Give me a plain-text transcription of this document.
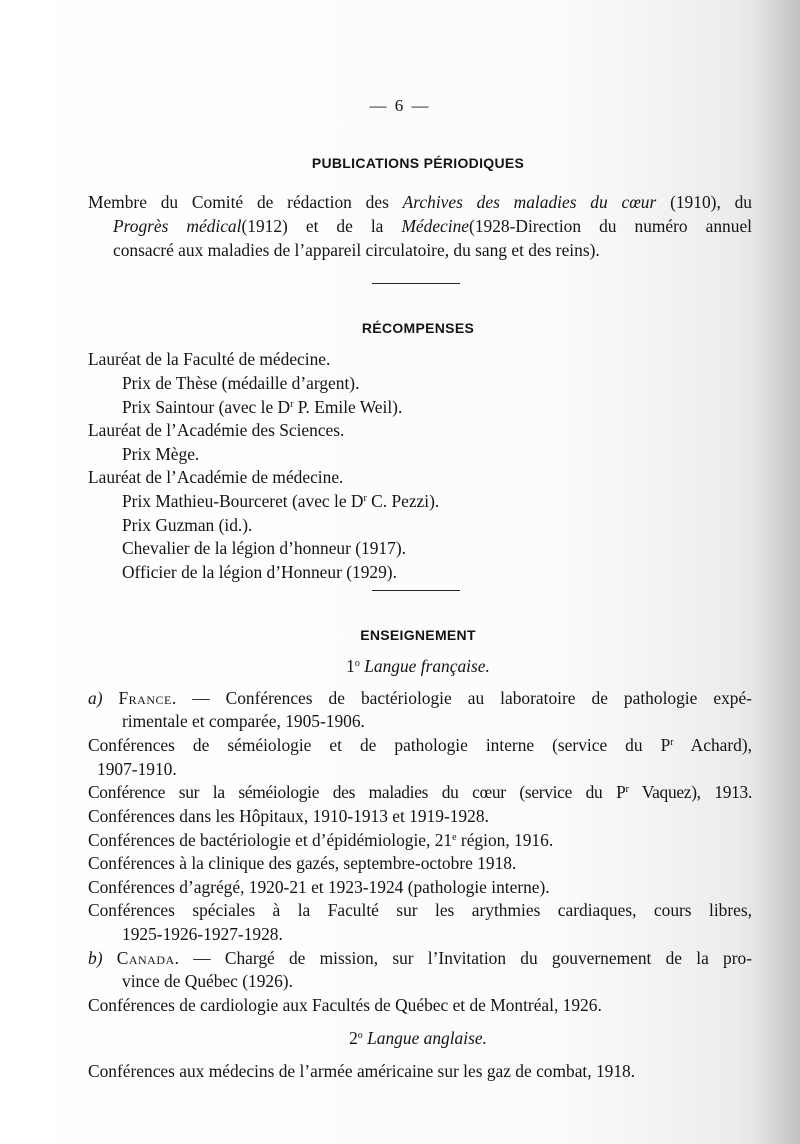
— 6 —
PUBLICATIONS PÉRIODIQUES
Membre du Comité de rédaction des Archives des maladies du cœur (1910), du
Progrès médical(1912) et de la Médecine(1928-Direction du numéro annuel
consacré aux maladies de l’appareil circulatoire, du sang et des reins).
RÉCOMPENSES
Lauréat de la Faculté de médecine.
Prix de Thèse (médaille d’argent).
Prix Saintour (avec le $D^r$ P. Emile Weil).
Lauréat de l’Académie des Sciences.
Prix Mège.
Lauréat de l’Académie de médecine.
Prix Mathieu-Bourceret (avec le $D^r$ C. Pezzi).
Prix Guzman (id.).
Chevalier de la légion d’honneur (1917).
Officier de la légion d’Honneur (1929).
ENSEIGNEMENT
1$^o$ Langue française.
a) France. — Conférences de bactériologie au laboratoire de pathologie expé-
rimentale et comparée, 1905-1906.
Conférences de séméiologie et de pathologie interne (service du $P^r$ Achard),
1907-1910.
Conférence sur la séméiologie des maladies du cœur (service du $P^r$ Vaquez), 1913.
Conférences dans les Hôpitaux, 1910-1913 et 1919-1928.
Conférences de bactériologie et d’épidémiologie, 21e région, 1916.
Conférences à la clinique des gazés, septembre-octobre 1918.
Conférences d’agrégé, 1920-21 et 1923-1924 (pathologie interne).
Conférences spéciales à la Faculté sur les arythmies cardiaques, cours libres,
1925-1926-1927-1928.
b) Canada. — Chargé de mission, sur l’Invitation du gouvernement de la pro-
vince de Québec (1926).
Conférences de cardiologie aux Facultés de Québec et de Montréal, 1926.
2$^o$ Langue anglaise.
Conférences aux médecins de l’armée américaine sur les gaz de combat, 1918.
